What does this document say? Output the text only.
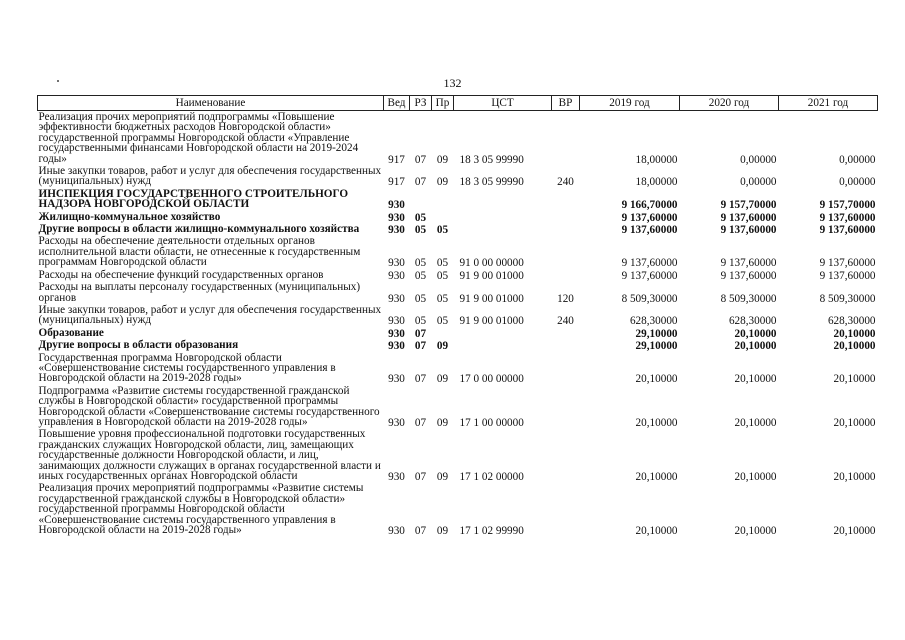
132
Наименование	Вед	РЗ	Пр	ЦСТ	ВР	2019 год	2020 год	2021 год
Реализация прочих мероприятий подпрограммы «Повышение эффективности бюджетных расходов Новгородской области» государственной программы Новгородской области «Управление государственными финансами Новгородской области на 2019-2024 годы»	917	07	09	18 3 05 99990		18,00000	0,00000	0,00000
Иные закупки товаров, работ и услуг для обеспечения государственных (муниципальных) нужд	917	07	09	18 3 05 99990	240	18,00000	0,00000	0,00000
ИНСПЕКЦИЯ ГОСУДАРСТВЕННОГО СТРОИТЕЛЬНОГО НАДЗОРА НОВГОРОДСКОЙ ОБЛАСТИ	930					9 166,70000	9 157,70000	9 157,70000
Жилищно-коммунальное хозяйство	930	05				9 137,60000	9 137,60000	9 137,60000
Другие вопросы в области жилищно-коммунального хозяйства	930	05	05			9 137,60000	9 137,60000	9 137,60000
Расходы на обеспечение деятельности отдельных органов исполнительной власти области, не отнесенные к государственным программам Новгородской области	930	05	05	91 0 00 00000		9 137,60000	9 137,60000	9 137,60000
Расходы на обеспечение функций государственных органов	930	05	05	91 9 00 01000		9 137,60000	9 137,60000	9 137,60000
Расходы на выплаты персоналу государственных (муниципальных) органов	930	05	05	91 9 00 01000	120	8 509,30000	8 509,30000	8 509,30000
Иные закупки товаров, работ и услуг для обеспечения государственных (муниципальных) нужд	930	05	05	91 9 00 01000	240	628,30000	628,30000	628,30000
Образование	930	07				29,10000	20,10000	20,10000
Другие вопросы в области образования	930	07	09			29,10000	20,10000	20,10000
Государственная программа Новгородской области «Совершенствование системы государственного управления в Новгородской области на 2019-2028 годы»	930	07	09	17 0 00 00000		20,10000	20,10000	20,10000
Подпрограмма «Развитие системы государственной гражданской службы в Новгородской области» государственной программы Новгородской области «Совершенствование системы государственного управления в Новгородской области на 2019-2028 годы»	930	07	09	17 1 00 00000		20,10000	20,10000	20,10000
Повышение уровня профессиональной подготовки государственных гражданских служащих Новгородской области, лиц, замещающих государственные должности Новгородской области, и лиц, занимающих должности служащих в органах государственной власти и иных государственных органах Новгородской области	930	07	09	17 1 02 00000		20,10000	20,10000	20,10000
Реализация прочих мероприятий подпрограммы «Развитие системы государственной гражданской службы в Новгородской области» государственной программы Новгородской области «Совершенствование системы государственного управления в Новгородской области на 2019-2028 годы»	930	07	09	17 1 02 99990		20,10000	20,10000	20,10000
